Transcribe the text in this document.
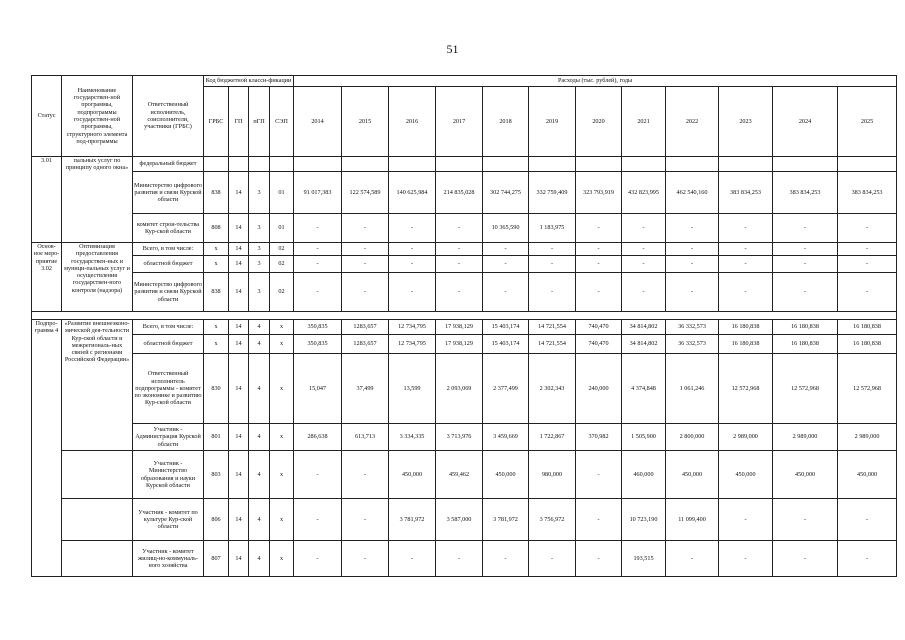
51
Статус	Наименование государствен-ной программы, подпрограммы государствен-ной программы, структурного элемента под-программы	Ответственный исполнитель, соисполнители, участники (ГРБС)	Код бюджетной класси-фикации				Расходы (тыс. рублей), годы											
			ГРБС	ГП	пГП	СЭП	2014	2015	2016	2017	2018	2019	2020	2021	2022	2023	2024	2025
3.01	пальных услуг по принципу одного окна»	федеральный бюджет																
		Министерство цифрового развития и связи Курской области	838	14	3	01	91 017,383	122 574,589	140 625,984	214 835,028	302 744,275	332 759,409	323 793,919	432 823,995	462 540,160	383 834,253	383 834,253	383 834,253
		комитет строи-тельства Кур-ской области	808	14	3	01	-	-	-	-	10 365,590	1 183,975	-	-	-	-	-	-
Основ-ное меро-приятие 3.02	Оптимизация предоставления государствен-ных и муници-пальных услуг и осуществления государствен-ного контроля (надзора)	Всего, в том числе:	х	14	3	02	-	-	-	-	-	-	-	-	-	-	-	-
		областной бюджет	х	14	3	02	-	-	-	-	-	-	-	-	-	-	-	-
		Министерство цифрового развития и связи Курской области	838	14	3	02	-	-	-	-	-	-	-	-	-	-	-	-

Подпро-грамма 4	«Развитие внешнеэконо-мической дея-тельности Кур-ской области и межрегиональ-ных связей с регионами Российской Федерации»	Всего, в том числе:	х	14	4	х	350,835	1283,657	12 734,795	17 938,129	15 403,174	14 721,554	740,470	34 814,802	36 332,573	16 180,838	16 180,838	16 180,838
		областной бюджет	х	14	4	х	350,835	1283,657	12 734,795	17 938,129	15 403,174	14 721,554	740,470	34 814,802	36 332,573	16 180,838	16 180,838	16 180,838
		Ответственный исполнитель подпрограммы - комитет по экономике и развитию Кур-ской области	830	14	4	х	15,047	37,499	13,599	2 093,069	2 377,499	2 302,343	240,000	4 374,848	1 061,246	12 572,968	12 572,968	12 572,968
		Участник - Администрация Курской области	801	14	4	х	286,638	613,713	3 334,335	3 713,976	3 459,669	1 722,867	370,982	1 505,900	2 800,000	2 989,000	2 989,000	2 989,000
		Участник - Министерство образования и науки Курской области	803	14	4	х	-	-	450,000	459,462	450,000	980,000	-	460,000	450,000	450,000	450,000	450,000
		Участник - комитет по культуре Кур-ской области	806	14	4	х	-	-	3 781,972	3 587,000	3 781,972	3 756,972	-	10 723,190	11 099,400	-	-	-
		Участник - комитет жилищ-но-коммуналь-ного хозяйства	807	14	4	х	-	-	-	-	-	-	-	193,515	-	-	-	-
